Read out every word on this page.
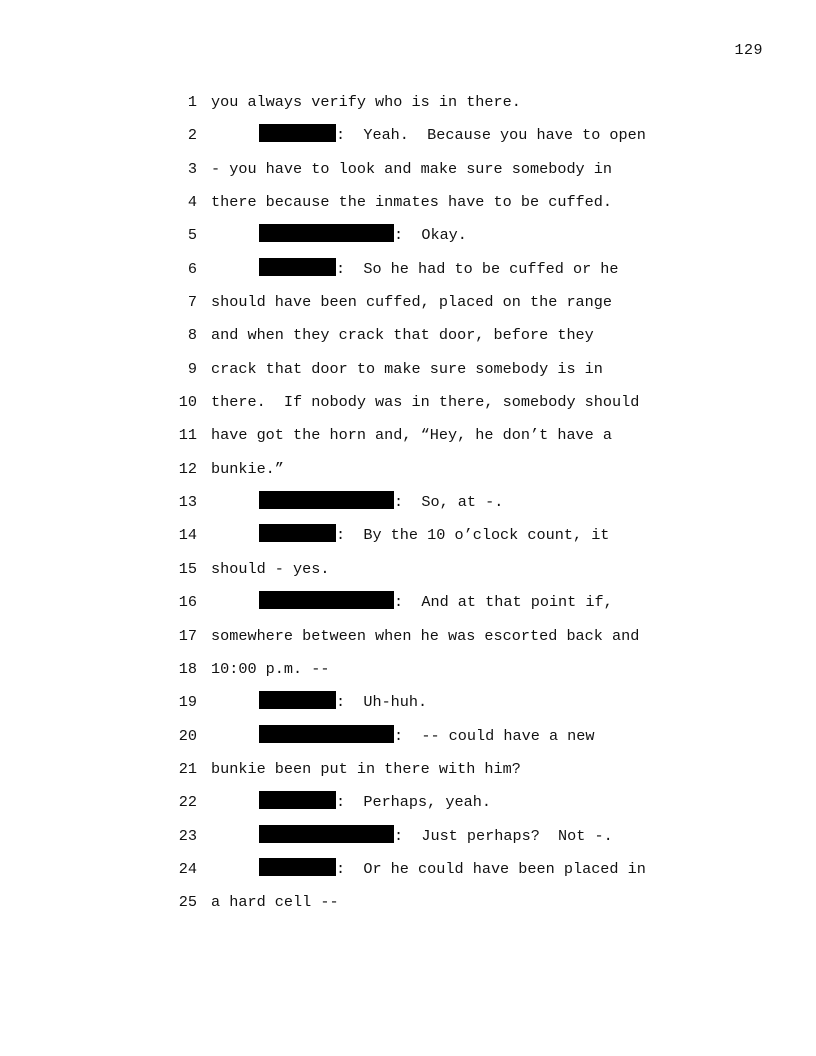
129
1 you always verify who is in there.
2	:  Yeah.  Because you have to open
3 - you have to look and make sure somebody in
4 there because the inmates have to be cuffed.
5	:  Okay.
6	:  So he had to be cuffed or he
7 should have been cuffed, placed on the range
8 and when they crack that door, before they
9 crack that door to make sure somebody is in
10 there.  If nobody was in there, somebody should
11 have got the horn and, “Hey, he don’t have a
12 bunkie.”
13	:  So, at -.
14	:  By the 10 o’clock count, it
15 should - yes.
16	:  And at that point if,
17 somewhere between when he was escorted back and
18 10:00 p.m. --
19	:  Uh-huh.
20	:  -- could have a new
21 bunkie been put in there with him?
22	:  Perhaps, yeah.
23	:  Just perhaps?  Not -.
24	:  Or he could have been placed in
25 a hard cell --
